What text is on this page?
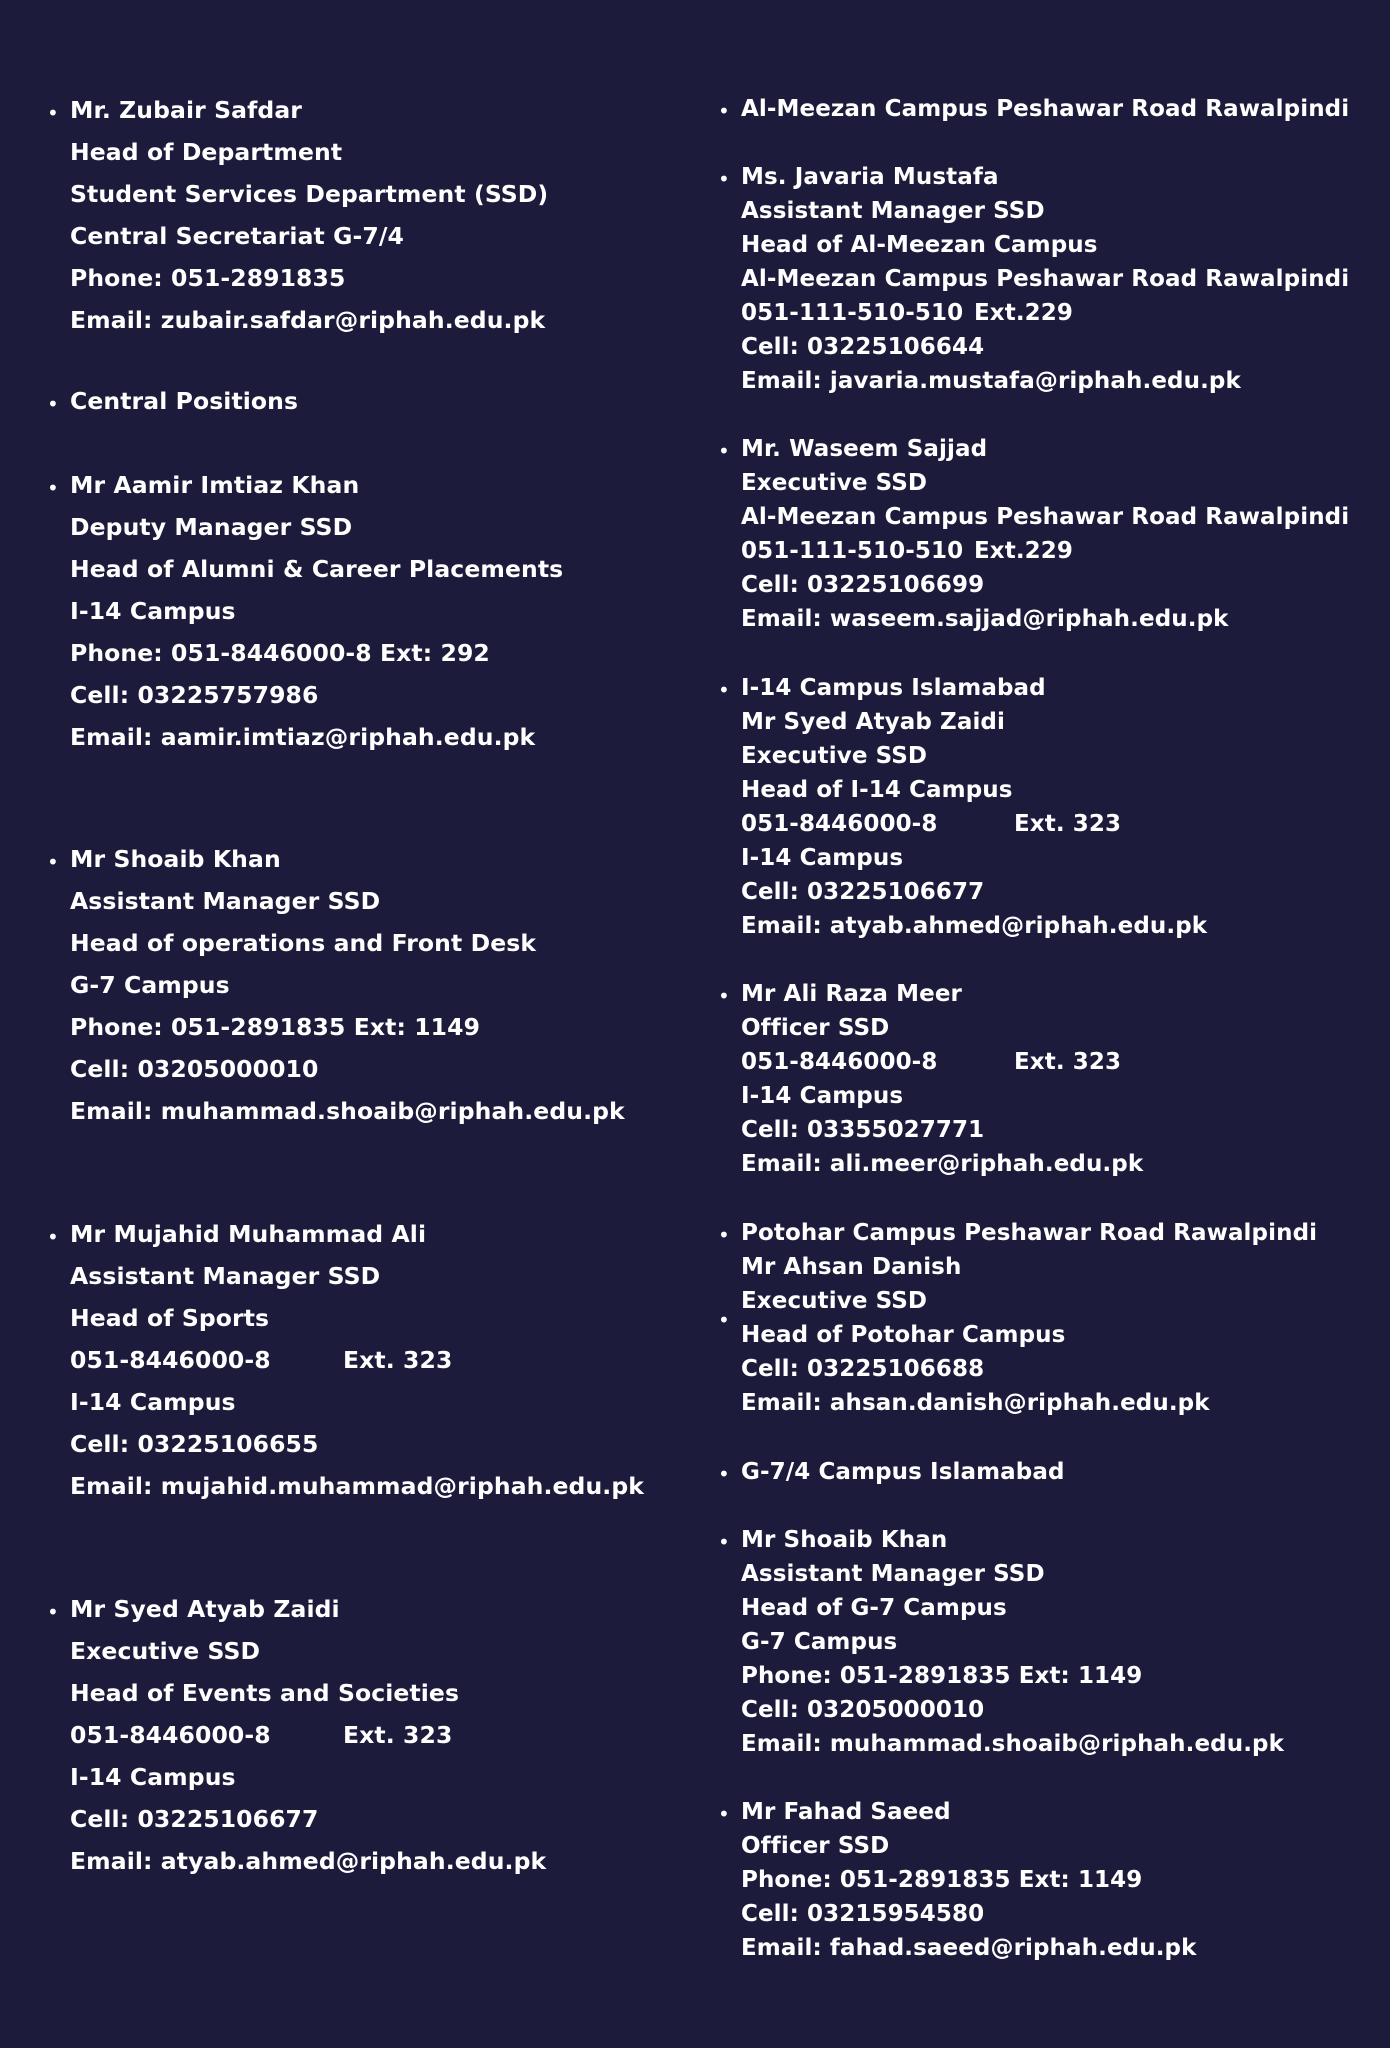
• Mr. Zubair Safdar
Head of Department
Student Services Department (SSD)
Central Secretariat G-7/4
Phone: 051-2891835
Email: zubair.safdar@riphah.edu.pk
• Central Positions
• Mr Aamir Imtiaz Khan
Deputy Manager SSD
Head of Alumni & Career Placements
I-14 Campus
Phone: 051-8446000-8 Ext: 292
Cell: 03225757986
Email: aamir.imtiaz@riphah.edu.pk
• Mr Shoaib Khan
Assistant Manager SSD
Head of operations and Front Desk
G-7 Campus
Phone: 051-2891835 Ext: 1149
Cell: 03205000010
Email: muhammad.shoaib@riphah.edu.pk
• Mr Mujahid Muhammad Ali
Assistant Manager SSD
Head of Sports
051-8446000-8	Ext. 323
I-14 Campus
Cell: 03225106655
Email: mujahid.muhammad@riphah.edu.pk
• Mr Syed Atyab Zaidi
Executive SSD
Head of Events and Societies
051-8446000-8	Ext. 323
I-14 Campus
Cell: 03225106677
Email: atyab.ahmed@riphah.edu.pk
• Al-Meezan Campus Peshawar Road Rawalpindi
• Ms. Javaria Mustafa
Assistant Manager SSD
Head of Al-Meezan Campus
Al-Meezan Campus Peshawar Road Rawalpindi
051-111-510-510 Ext.229
Cell: 03225106644
Email: javaria.mustafa@riphah.edu.pk
• Mr. Waseem Sajjad
Executive SSD
Al-Meezan Campus Peshawar Road Rawalpindi
051-111-510-510 Ext.229
Cell: 03225106699
Email: waseem.sajjad@riphah.edu.pk
• I-14 Campus Islamabad
Mr Syed Atyab Zaidi
Executive SSD
Head of I-14 Campus
051-8446000-8	Ext. 323
I-14 Campus
Cell: 03225106677
Email: atyab.ahmed@riphah.edu.pk
• Mr Ali Raza Meer
Officer SSD
051-8446000-8	Ext. 323
I-14 Campus
Cell: 03355027771
Email: ali.meer@riphah.edu.pk
•
•
Potohar Campus Peshawar Road Rawalpindi
Mr Ahsan Danish
Executive SSD
Head of Potohar Campus
Cell: 03225106688
Email: ahsan.danish@riphah.edu.pk
• G-7/4 Campus Islamabad
• Mr Shoaib Khan
Assistant Manager SSD
Head of G-7 Campus
G-7 Campus
Phone: 051-2891835 Ext: 1149
Cell: 03205000010
Email: muhammad.shoaib@riphah.edu.pk
• Mr Fahad Saeed
Officer SSD
Phone: 051-2891835 Ext: 1149
Cell: 03215954580
Email: fahad.saeed@riphah.edu.pk
